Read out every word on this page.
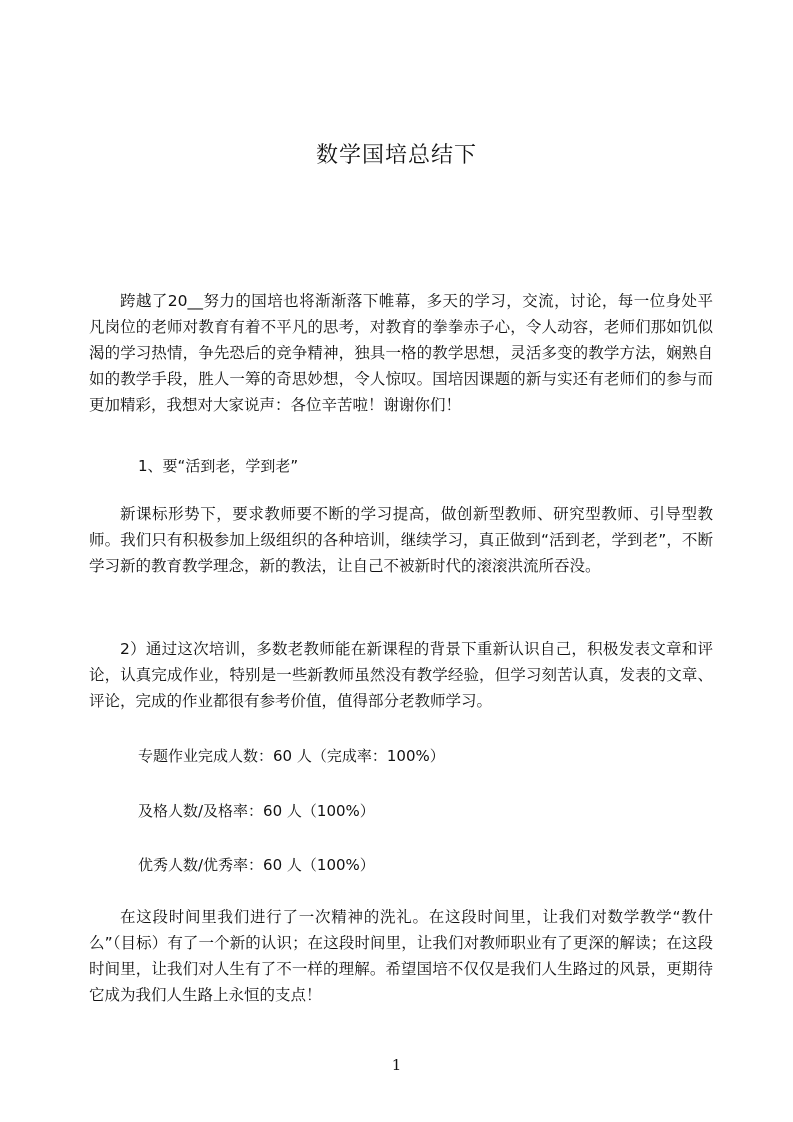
数学国培总结下

跨越了20__努力的国培也将渐渐落下帷幕，多天的学习，交流，讨论，每一位身处平凡岗位的老师对教育有着不平凡的思考，对教育的拳拳赤子心，令人动容，老师们那如饥似渴的学习热情，争先恐后的竞争精神，独具一格的教学思想，灵活多变的教学方法，娴熟自如的教学手段，胜人一筹的奇思妙想，令人惊叹。国培因课题的新与实还有老师们的参与而更加精彩，我想对大家说声：各位辛苦啦！谢谢你们！

1、要“活到老，学到老”

新课标形势下，要求教师要不断的学习提高，做创新型教师、研究型教师、引导型教师。我们只有积极参加上级组织的各种培训，继续学习，真正做到“活到老，学到老”，不断学习新的教育教学理念，新的教法，让自己不被新时代的滚滚洪流所吞没。

2）通过这次培训，多数老教师能在新课程的背景下重新认识自己，积极发表文章和评论，认真完成作业，特别是一些新教师虽然没有教学经验，但学习刻苦认真，发表的文章、评论，完成的作业都很有参考价值，值得部分老教师学习。

专题作业完成人数：60 人（完成率：100%）

及格人数/及格率：60 人（100%）

优秀人数/优秀率：60 人（100%）

在这段时间里我们进行了一次精神的洗礼。在这段时间里，让我们对数学教学“教什么”（目标）有了一个新的认识；在这段时间里，让我们对教师职业有了更深的解读；在这段时间里，让我们对人生有了不一样的理解。希望国培不仅仅是我们人生路过的风景，更期待它成为我们人生路上永恒的支点！

1
